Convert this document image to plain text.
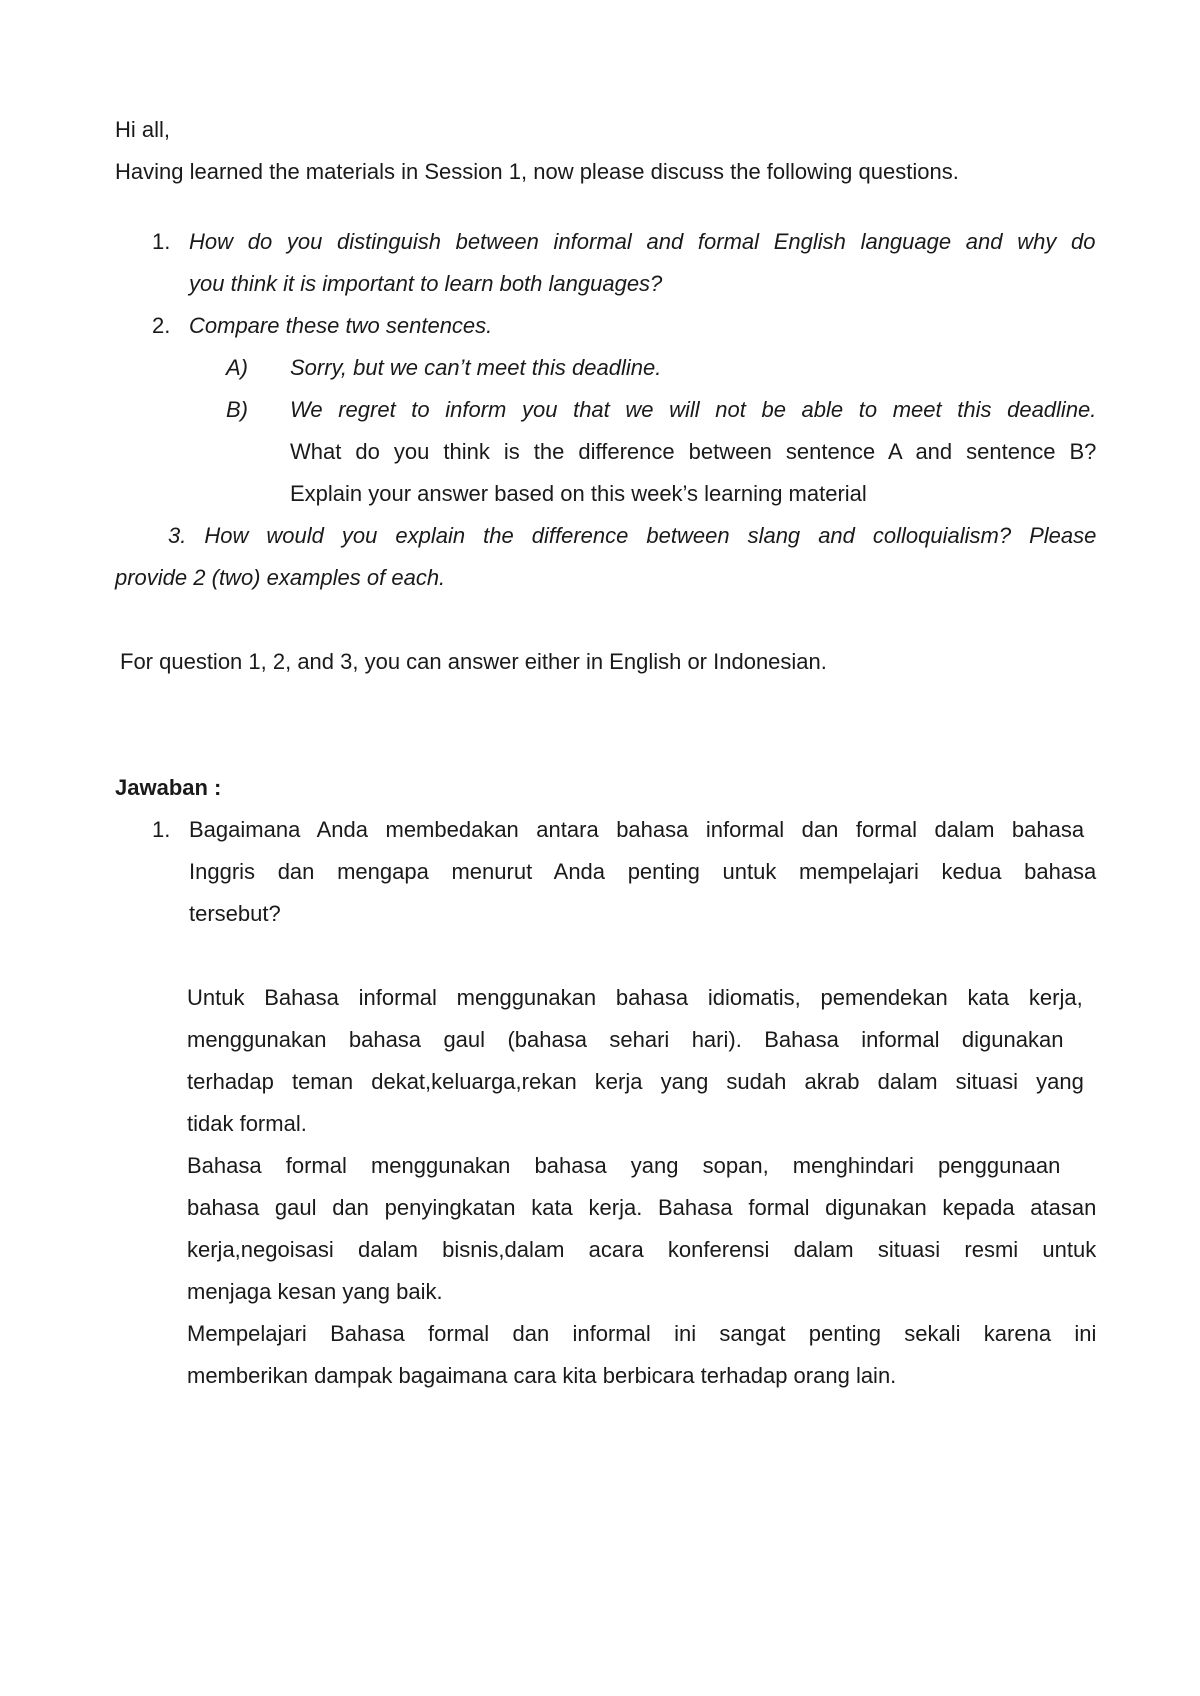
Hi all,
Having learned the materials in Session 1, now please discuss the following questions.
1. How do you distinguish between informal and formal English language and why do
you think it is important to learn both languages?
2. Compare these two sentences.
A) Sorry, but we can’t meet this deadline.
B) We regret to inform you that we will not be able to meet this deadline.
What do you think is the difference between sentence A and sentence B?
Explain your answer based on this week’s learning material
3. How would you explain the difference between slang and colloquialism? Please
provide 2 (two) examples of each.
For question 1, 2, and 3, you can answer either in English or Indonesian.
Jawaban :
1. Bagaimana Anda membedakan antara bahasa informal dan formal dalam bahasa
Inggris dan mengapa menurut Anda penting untuk mempelajari kedua bahasa
tersebut?
Untuk Bahasa informal menggunakan bahasa idiomatis, pemendekan kata kerja,
menggunakan bahasa gaul (bahasa sehari hari). Bahasa informal digunakan
terhadap teman dekat,keluarga,rekan kerja yang sudah akrab dalam situasi yang
tidak formal.
Bahasa formal menggunakan bahasa yang sopan, menghindari penggunaan
bahasa gaul dan penyingkatan kata kerja. Bahasa formal digunakan kepada atasan
kerja,negoisasi dalam bisnis,dalam acara konferensi dalam situasi resmi untuk
menjaga kesan yang baik.
Mempelajari Bahasa formal dan informal ini sangat penting sekali karena ini
memberikan dampak bagaimana cara kita berbicara terhadap orang lain.
